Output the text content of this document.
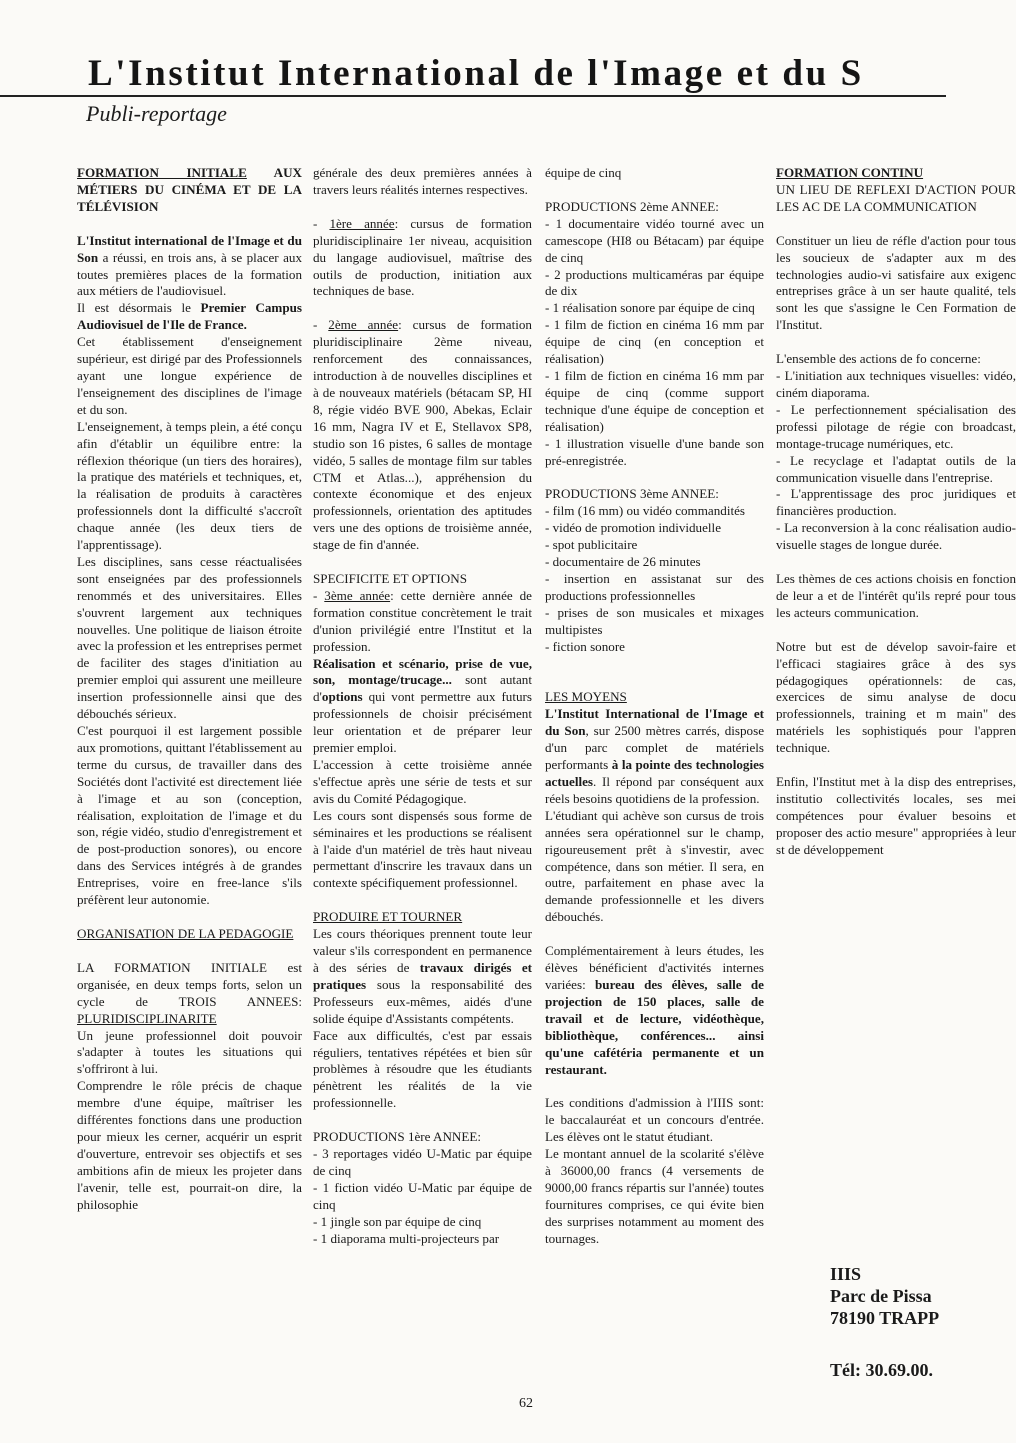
L'Institut International de l'Image et du S

Publi-reportage

FORMATION INITIALE AUX MÉTIERS DU CINÉMA ET DE LA TÉLÉVISION

L'Institut international de l'Image et du Son a réussi, en trois ans, à se placer aux toutes premières places de la formation aux métiers de l'audiovisuel.

Il est désormais le Premier Campus Audiovisuel de l'Ile de France.

Cet établissement d'enseignement supérieur, est dirigé par des Professionnels ayant une longue expérience de l'enseignement des disciplines de l'image et du son.

L'enseignement, à temps plein, a été conçu afin d'établir un équilibre entre: la réflexion théorique (un tiers des horaires), la pratique des matériels et techniques, et, la réalisation de produits à caractères professionnels dont la difficulté s'accroît chaque année (les deux tiers de l'apprentissage).

Les disciplines, sans cesse réactualisées sont enseignées par des professionnels renommés et des universitaires. Elles s'ouvrent largement aux techniques nouvelles. Une politique de liaison étroite avec la profession et les entreprises permet de faciliter des stages d'initiation au premier emploi qui assurent une meilleure insertion professionnelle ainsi que des débouchés sérieux.

C'est pourquoi il est largement possible aux promotions, quittant l'établissement au terme du cursus, de travailler dans des Sociétés dont l'activité est directement liée à l'image et au son (conception, réalisation, exploitation de l'image et du son, régie vidéo, studio d'enregistrement et de post-production sonores), ou encore dans des Services intégrés à de grandes Entreprises, voire en free-lance s'ils préfèrent leur autonomie.

ORGANISATION DE LA PEDAGOGIE

LA FORMATION INITIALE est organisée, en deux temps forts, selon un cycle de TROIS ANNEES: PLURIDISCIPLINARITE

Un jeune professionnel doit pouvoir s'adapter à toutes les situations qui s'offriront à lui.

Comprendre le rôle précis de chaque membre d'une équipe, maîtriser les différentes fonctions dans une production pour mieux les cerner, acquérir un esprit d'ouverture, entrevoir ses objectifs et ses ambitions afin de mieux les projeter dans l'avenir, telle est, pourrait-on dire, la philosophie

générale des deux premières années à travers leurs réalités internes respectives.

- 1ère année: cursus de formation pluridisciplinaire 1er niveau, acquisition du langage audiovisuel, maîtrise des outils de production, initiation aux techniques de base.

- 2ème année: cursus de formation pluridisciplinaire 2ème niveau, renforcement des connaissances, introduction à de nouvelles disciplines et à de nouveaux matériels (bétacam SP, HI 8, régie vidéo BVE 900, Abekas, Eclair 16 mm, Nagra IV et E, Stellavox SP8, studio son 16 pistes, 6 salles de montage vidéo, 5 salles de montage film sur tables CTM et Atlas...), appréhension du contexte économique et des enjeux professionnels, orientation des aptitudes vers une des options de troisième année, stage de fin d'année.

SPECIFICITE ET OPTIONS

- 3ème année: cette dernière année de formation constitue concrètement le trait d'union privilégié entre l'Institut et la profession.

Réalisation et scénario, prise de vue, son, montage/trucage... sont autant d'options qui vont permettre aux futurs professionnels de choisir précisément leur orientation et de préparer leur premier emploi.

L'accession à cette troisième année s'effectue après une série de tests et sur avis du Comité Pédagogique.

Les cours sont dispensés sous forme de séminaires et les productions se réalisent à l'aide d'un matériel de très haut niveau permettant d'inscrire les travaux dans un contexte spécifiquement professionnel.

PRODUIRE ET TOURNER

Les cours théoriques prennent toute leur valeur s'ils correspondent en permanence à des séries de travaux dirigés et pratiques sous la responsabilité des Professeurs eux-mêmes, aidés d'une solide équipe d'Assistants compétents.

Face aux difficultés, c'est par essais réguliers, tentatives répétées et bien sûr problèmes à résoudre que les étudiants pénètrent les réalités de la vie professionnelle.

PRODUCTIONS 1ère ANNEE:

- 3 reportages vidéo U-Matic par équipe de cinq

- 1 fiction vidéo U-Matic par équipe de cinq

- 1 jingle son par équipe de cinq

- 1 diaporama multi-projecteurs par

équipe de cinq

PRODUCTIONS 2ème ANNEE:

- 1 documentaire vidéo tourné avec un camescope (HI8 ou Bétacam) par équipe de cinq

- 2 productions multicaméras par équipe de dix

- 1 réalisation sonore par équipe de cinq

- 1 film de fiction en cinéma 16 mm par équipe de cinq (en conception et réalisation)

- 1 film de fiction en cinéma 16 mm par équipe de cinq (comme support technique d'une équipe de conception et réalisation)

- 1 illustration visuelle d'une bande son pré-enregistrée.

PRODUCTIONS 3ème ANNEE:

- film (16 mm) ou vidéo commandités

- vidéo de promotion individuelle

- spot publicitaire

- documentaire de 26 minutes

- insertion en assistanat sur des productions professionnelles

- prises de son musicales et mixages multipistes

- fiction sonore

LES MOYENS

L'Institut International de l'Image et du Son, sur 2500 mètres carrés, dispose d'un parc complet de matériels performants à la pointe des technologies actuelles. Il répond par conséquent aux réels besoins quotidiens de la profession.

L'étudiant qui achève son cursus de trois années sera opérationnel sur le champ, rigoureusement prêt à s'investir, avec compétence, dans son métier. Il sera, en outre, parfaitement en phase avec la demande professionnelle et les divers débouchés.

Complémentairement à leurs études, les élèves bénéficient d'activités internes variées: bureau des élèves, salle de projection de 150 places, salle de travail et de lecture, vidéothèque, bibliothèque, conférences... ainsi qu'une cafétéria permanente et un restaurant.

Les conditions d'admission à l'IIIS sont: le baccalauréat et un concours d'entrée. Les élèves ont le statut étudiant.

Le montant annuel de la scolarité s'élève à 36000,00 francs (4 versements de 9000,00 francs répartis sur l'année) toutes fournitures comprises, ce qui évite bien des surprises notamment au moment des tournages.

FORMATION CONTINU
UN LIEU DE REFLEXI D'ACTION POUR LES AC DE LA COMMUNICATION

Constituer un lieu de réfle d'action pour tous les soucieux de s'adapter aux m des technologies audio-vi satisfaire aux exigenc entreprises grâce à un ser haute qualité, tels sont les que s'assigne le Cen Formation de l'Institut.

L'ensemble des actions de fo concerne:

- L'initiation aux techniques visuelles: vidéo, ciném diaporama.

- Le perfectionnement spécialisation des professi pilotage de régie con broadcast, montage-trucage numériques, etc.

- Le recyclage et l'adaptat outils de la communication visuelle dans l'entreprise.

- L'apprentissage des proc juridiques et financières production.

- La reconversion à la conc réalisation audio-visuelle stages de longue durée.

Les thèmes de ces actions choisis en fonction de leur a et de l'intérêt qu'ils repré pour tous les acteurs communication.

Notre but est de dévelop savoir-faire et l'efficaci stagiaires grâce à des sys pédagogiques opérationnels: de cas, exercices de simu analyse de docu professionnels, training et m main" des matériels les sophistiqués pour l'appren technique.

Enfin, l'Institut met à la disp des entreprises, institutio collectivités locales, ses mei compétences pour évaluer besoins et proposer des actio mesure" appropriées à leur st de développement

IIIS

Parc de Pissa

78190 TRAPP

Tél: 30.69.00.

62
